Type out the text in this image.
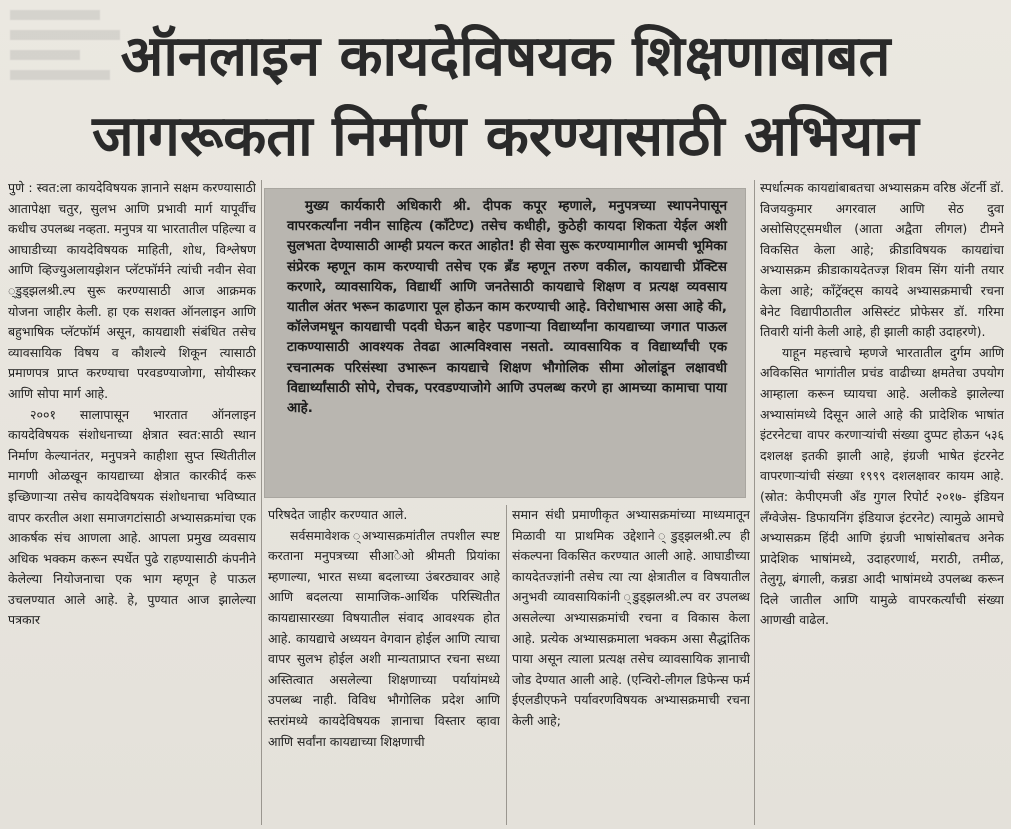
ऑनलाइन कायदेविषयक शिक्षणाबाबत
जागरूकता निर्माण करण्यासाठी अभियान

पुणे : स्वत:ला कायदेविषयक ज्ञानाने सक्षम करण्यासाठी आतापेक्षा चतुर, सुलभ आणि प्रभावी मार्ग यापूर्वीच कधीच उपलब्ध नव्हता. मनुपत्र या भारतातील पहिल्या व आघाडीच्या कायदेविषयक माहिती, शोध, विश्लेषण आणि व्हिज्युअलायझेशन प्लॅटफॉर्मने त्यांची नवीन सेवा ्डुड्झलश्री.ल्प सुरू करण्यासाठी आज आक्रमक योजना जाहीर केली. हा एक सशक्त ऑनलाइन आणि बहुभाषिक प्लॅटफॉर्म असून, कायद्याशी संबंधित तसेच व्यावसायिक विषय व कौशल्ये शिकून त्यासाठी प्रमाणपत्र प्राप्त करण्याचा परवडण्याजोगा, सोयीस्कर आणि सोपा मार्ग आहे.

२००१ सालापासून भारतात ऑनलाइन कायदेविषयक संशोधनाच्या क्षेत्रात स्वत:साठी स्थान निर्माण केल्यानंतर, मनुपत्रने काहीशा सुप्त स्थितीतील मागणी ओळखून कायद्याच्या क्षेत्रात कारकीर्द करू इच्छिणाऱ्या तसेच कायदेविषयक संशोधनाचा भविष्यात वापर करतील अशा समाजगटांसाठी अभ्यासक्रमांचा एक आकर्षक संच आणला आहे. आपला प्रमुख व्यवसाय अधिक भक्कम करून स्पर्धेत पुढे राहण्यासाठी कंपनीने केलेल्या नियोजनाचा एक भाग म्हणून हे पाऊल उचलण्यात आले आहे. हे, पुण्यात आज झालेल्या पत्रकार

मुख्य कार्यकारी अधिकारी श्री. दीपक कपूर म्हणाले, मनुपत्रच्या स्थापनेपासून वापरकर्त्यांना नवीन साहित्य (कॉंटेण्ट) तसेच कधीही, कुठेही कायदा शिकता येईल अशी सुलभता देण्यासाठी आम्ही प्रयत्न करत आहोत! ही सेवा सुरू करण्यामागील आमची भूमिका संप्रेरक म्हणून काम करण्याची तसेच एक ब्रँड म्हणून तरुण वकील, कायद्याची प्रॅक्टिस करणारे, व्यावसायिक, विद्यार्थी आणि जनतेसाठी कायद्याचे शिक्षण व प्रत्यक्ष व्यवसाय यातील अंतर भरून काढणारा पूल होऊन काम करण्याची आहे. विरोधाभास असा आहे की, कॉलेजमधून कायद्याची पदवी घेऊन बाहेर पडणाऱ्या विद्यार्थ्यांना कायद्याच्या जगात पाऊल टाकण्यासाठी आवश्यक तेवढा आत्मविश्वास नसतो. व्यावसायिक व विद्यार्थ्यांची एक रचनात्मक परिसंस्था उभारून कायद्याचे शिक्षण भौगोलिक सीमा ओलांडून लक्षावधी विद्यार्थ्यांसाठी सोपे, रोचक, परवडण्याजोगे आणि उपलब्ध करणे हा आमच्या कामाचा पाया आहे.

परिषदेत जाहीर करण्यात आले.

सर्वसमावेशक ्अभ्यासक्रमांतील तपशील स्पष्ट करताना मनुपत्रच्या सीआेओ श्रीमती प्रियांका म्हणाल्या, भारत सध्या बदलाच्या उंबरठ्यावर आहे आणि बदलत्या सामाजिक-आर्थिक परिस्थितीत कायद्यासारख्या विषयातील संवाद आवश्यक होत आहे. कायद्याचे अध्ययन वेगवान होईल आणि त्याचा वापर सुलभ होईल अशी मान्यताप्राप्त रचना सध्या अस्तित्वात असलेल्या शिक्षणाच्या पर्यायांमध्ये उपलब्ध नाही. विविध भौगोलिक प्रदेश आणि स्तरांमध्ये कायदेविषयक ज्ञानाचा विस्तार व्हावा आणि सर्वांना कायद्याच्या शिक्षणाची

समान संधी प्रमाणीकृत अभ्यासक्रमांच्या माध्यमातून मिळावी या प्राथमिक उद्देशाने ्डुड्झलश्री.ल्प ही संकल्पना विकसित करण्यात आली आहे. आघाडीच्या कायदेतज्ज्ञांनी तसेच त्या त्या क्षेत्रातील व विषयातील अनुभवी व्यावसायिकांनी ्डुड्झलश्री.ल्प वर उपलब्ध असलेल्या अभ्यासक्रमांची रचना व विकास केला आहे. प्रत्येक अभ्यासक्रमाला भक्कम असा सैद्धांतिक पाया असून त्याला प्रत्यक्ष तसेच व्यावसायिक ज्ञानाची जोड देण्यात आली आहे. (एन्विरो-लीगल डिफेन्स फर्म ईएलडीएफने पर्यावरणविषयक अभ्यासक्रमाची रचना केली आहे;

स्पर्धात्मक कायद्यांबाबतचा अभ्यासक्रम वरिष्ठ ॲटर्नी डॉ. विजयकुमार अगरवाल आणि सेठ दुवा असोसिएट्समधील (आता अद्वैता लीगल) टीमने विकसित केला आहे; क्रीडाविषयक कायद्यांचा अभ्यासक्रम क्रीडाकायदेतज्ज्ञ शिवम सिंग यांनी तयार केला आहे; कॉंट्रॅक्ट्स कायदे अभ्यासक्रमाची रचना बेनेट विद्यापीठातील असिस्टंट प्रोफेसर डॉ. गरिमा तिवारी यांनी केली आहे, ही झाली काही उदाहरणे).

याहून महत्त्वाचे म्हणजे भारतातील दुर्गम आणि अविकसित भागांतील प्रचंड वाढीच्या क्षमतेचा उपयोग आम्हाला करून घ्यायचा आहे. अलीकडे झालेल्या अभ्यासांमध्ये दिसून आले आहे की प्रादेशिक भाषांत इंटरनेटचा वापर करणाऱ्यांची संख्या दुप्पट होऊन ५३६ दशलक्ष इतकी झाली आहे, इंग्रजी भाषेत इंटरनेट वापरणाऱ्यांची संख्या १९९९ दशलक्षावर कायम आहे. (स्रोत: केपीएमजी ॲंड गुगल रिपोर्ट २०१७- इंडियन लॅंग्वेजेस- डिफायनिंग इंडियाज इंटरनेट) त्यामुळे आमचे अभ्यासक्रम हिंदी आणि इंग्रजी भाषांसोबतच अनेक प्रादेशिक भाषांमध्ये, उदाहरणार्थ, मराठी, तमीळ, तेलुगू, बंगाली, कन्नडा आदी भाषांमध्ये उपलब्ध करून दिले जातील आणि यामुळे वापरकर्त्यांची संख्या आणखी वाढेल.
